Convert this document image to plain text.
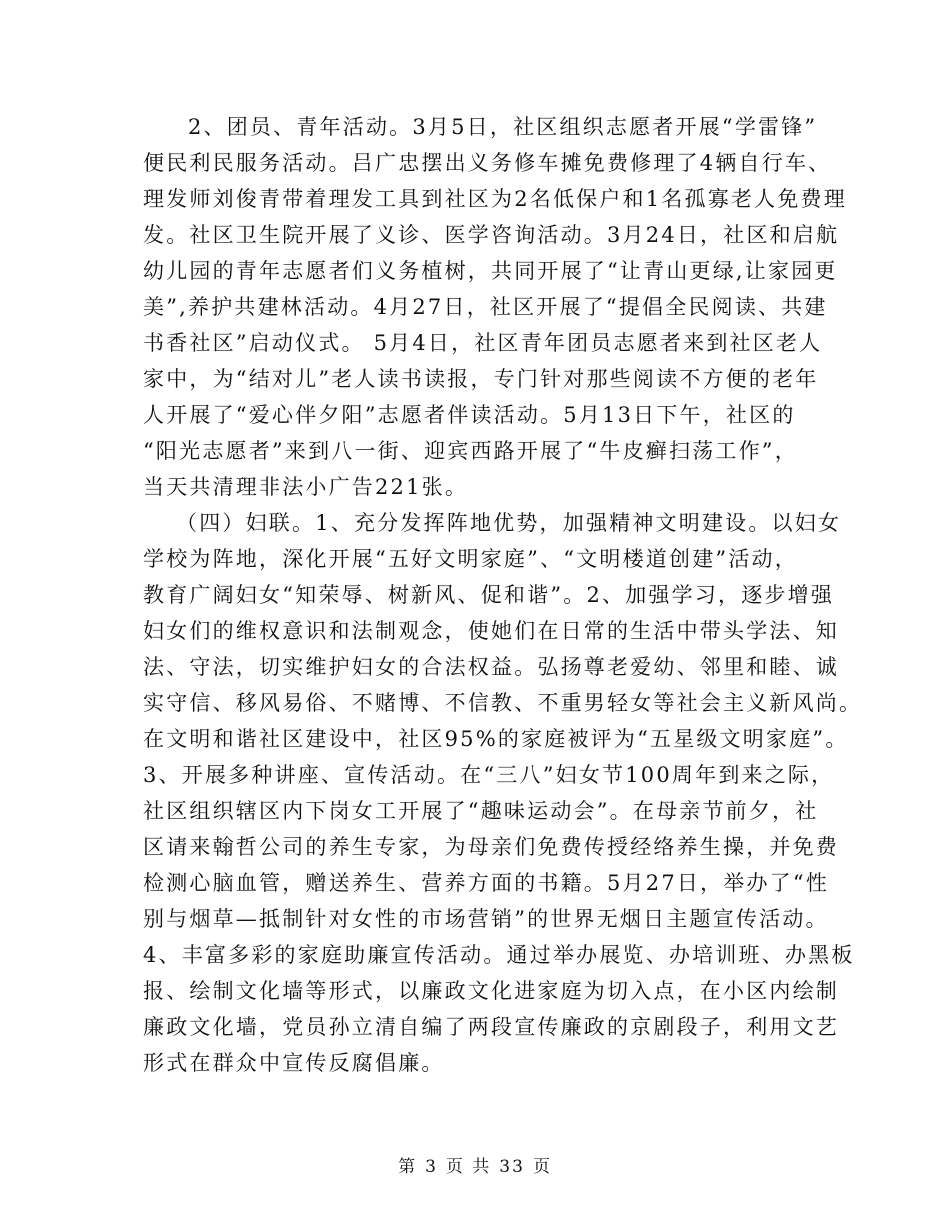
2、团员、青年活动。3月5日，社区组织志愿者开展“学雷锋”
便民利民服务活动。吕广忠摆出义务修车摊免费修理了4辆自行车、
理发师刘俊青带着理发工具到社区为2名低保户和1名孤寡老人免费理
发。社区卫生院开展了义诊、医学咨询活动。3月24日，社区和启航
幼儿园的青年志愿者们义务植树，共同开展了“让青山更绿,让家园更
美”,养护共建林活动。4月27日，社区开展了“提倡全民阅读、共建
书香社区”启动仪式。 5月4日，社区青年团员志愿者来到社区老人
家中，为“结对儿”老人读书读报，专门针对那些阅读不方便的老年
人开展了“爱心伴夕阳”志愿者伴读活动。5月13日下午，社区的
“阳光志愿者”来到八一街、迎宾西路开展了“牛皮癣扫荡工作”，
当天共清理非法小广告221张。
（四）妇联。1、充分发挥阵地优势，加强精神文明建设。以妇女
学校为阵地，深化开展“五好文明家庭”、“文明楼道创建”活动，
教育广阔妇女“知荣辱、树新风、促和谐”。2、加强学习，逐步增强
妇女们的维权意识和法制观念，使她们在日常的生活中带头学法、知
法、守法，切实维护妇女的合法权益。弘扬尊老爱幼、邻里和睦、诚
实守信、移风易俗、不赌博、不信教、不重男轻女等社会主义新风尚。
在文明和谐社区建设中，社区95%的家庭被评为“五星级文明家庭”。
3、开展多种讲座、宣传活动。在“三八”妇女节100周年到来之际，
社区组织辖区内下岗女工开展了“趣味运动会”。在母亲节前夕，社
区请来翰哲公司的养生专家，为母亲们免费传授经络养生操，并免费
检测心脑血管，赠送养生、营养方面的书籍。5月27日，举办了“性
别与烟草—抵制针对女性的市场营销”的世界无烟日主题宣传活动。
4、丰富多彩的家庭助廉宣传活动。通过举办展览、办培训班、办黑板
报、绘制文化墙等形式，以廉政文化进家庭为切入点，在小区内绘制
廉政文化墙，党员孙立清自编了两段宣传廉政的京剧段子，利用文艺
形式在群众中宣传反腐倡廉。
第 3 页 共 33 页
